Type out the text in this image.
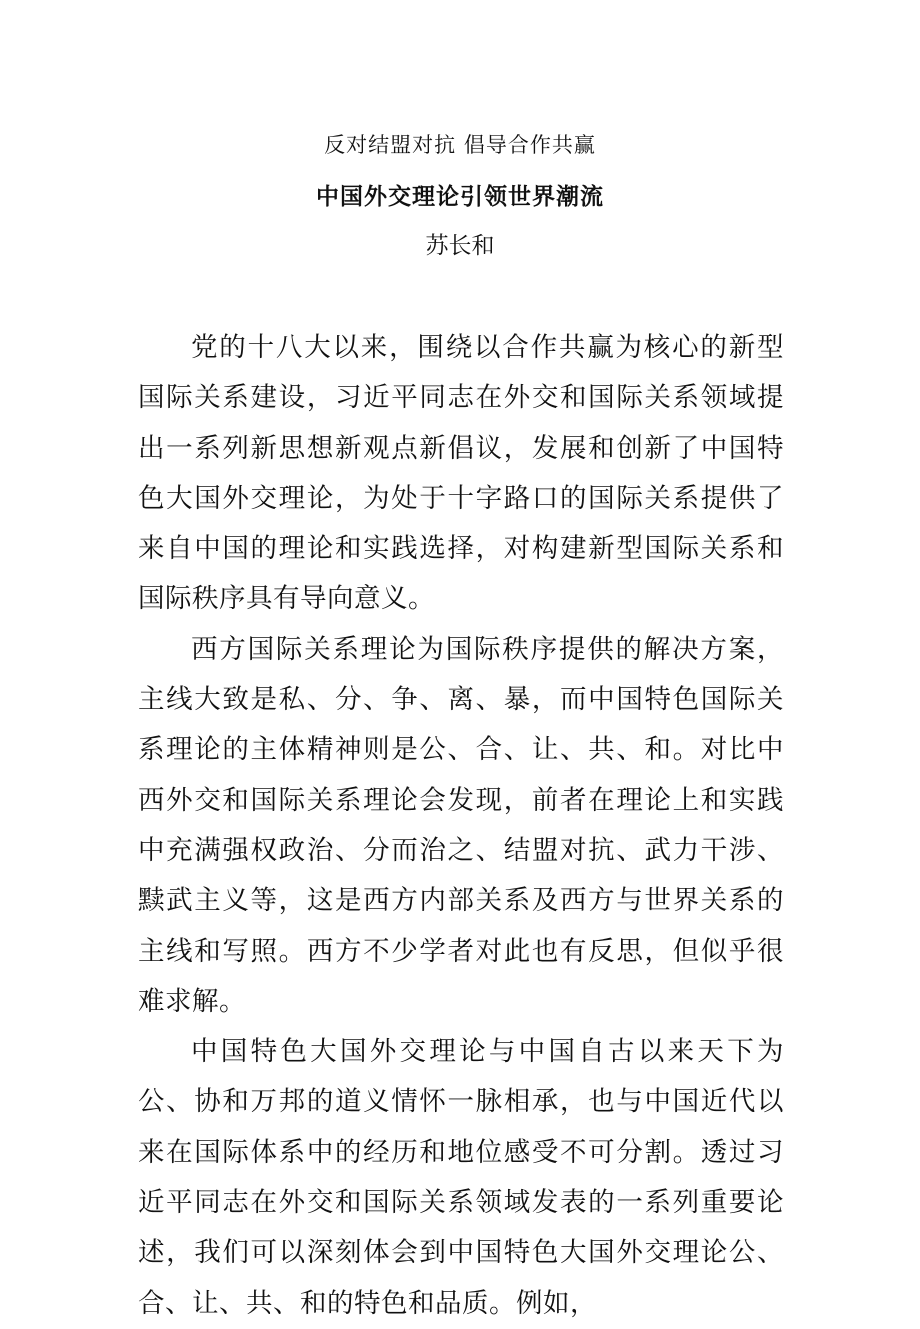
反对结盟对抗 倡导合作共赢
中国外交理论引领世界潮流
苏长和

党的十八大以来，围绕以合作共赢为核心的新型国际关系建设，习近平同志在外交和国际关系领域提出一系列新思想新观点新倡议，发展和创新了中国特色大国外交理论，为处于十字路口的国际关系提供了来自中国的理论和实践选择，对构建新型国际关系和国际秩序具有导向意义。

西方国际关系理论为国际秩序提供的解决方案，主线大致是私、分、争、离、暴，而中国特色国际关系理论的主体精神则是公、合、让、共、和。对比中西外交和国际关系理论会发现，前者在理论上和实践中充满强权政治、分而治之、结盟对抗、武力干涉、黩武主义等，这是西方内部关系及西方与世界关系的主线和写照。西方不少学者对此也有反思，但似乎很难求解。

中国特色大国外交理论与中国自古以来天下为公、协和万邦的道义情怀一脉相承，也与中国近代以来在国际体系中的经历和地位感受不可分割。透过习近平同志在外交和国际关系领域发表的一系列重要论述，我们可以深刻体会到中国特色大国外交理论公、合、让、共、和的特色和品质。例如，
